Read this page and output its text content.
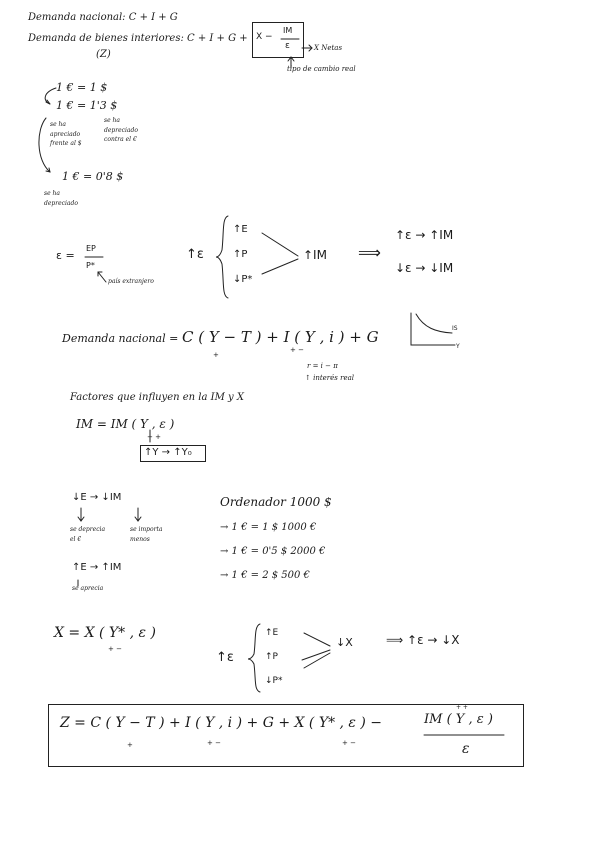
Demanda nacional: C + I + G
Demanda de bienes interiores: C + I + G +
(Z)
X −
IM
ε	X Netas
tipo de cambio real
1 € = 1 $
1 € = 1'3 $
se ha
apreciado
frente al $
se ha
depreciado
contra el €
1 € = 0'8 $
se ha
depreciado
ε =
EP
P*
país extranjero
↑ε
↑E
↑P
↓P*
↑IM ⟹
↑ε → ↑IM
↓ε → ↓IM
IS
Y
Demanda nacional = C ( Y − T ) + I ( Y , i ) + G
+
+ −
r = i − π
↑ interés real
Factores que influyen en la IM y X
IM = IM ( Y , ε )
+ +
↑Y → ↑Y₀
↓E → ↓IM
se deprecia
el €
se importa
menos
↑E → ↑IM
se aprecia
Ordenador 1000 $
→ 1 € = 1 $ 1000 €
→ 1 € = 0'5 $ 2000 €
→ 1 € = 2 $ 500 €
X = X ( Y* , ε )
+ −
↑ε
↑E
↑P
↓P*
↓X	⟹ ↑ε → ↓X
Z = C ( Y − T ) + I ( Y , i ) + G + X ( Y* , ε ) −	IM ( Y , ε )
+ +
ε
+	+ −	+ −
